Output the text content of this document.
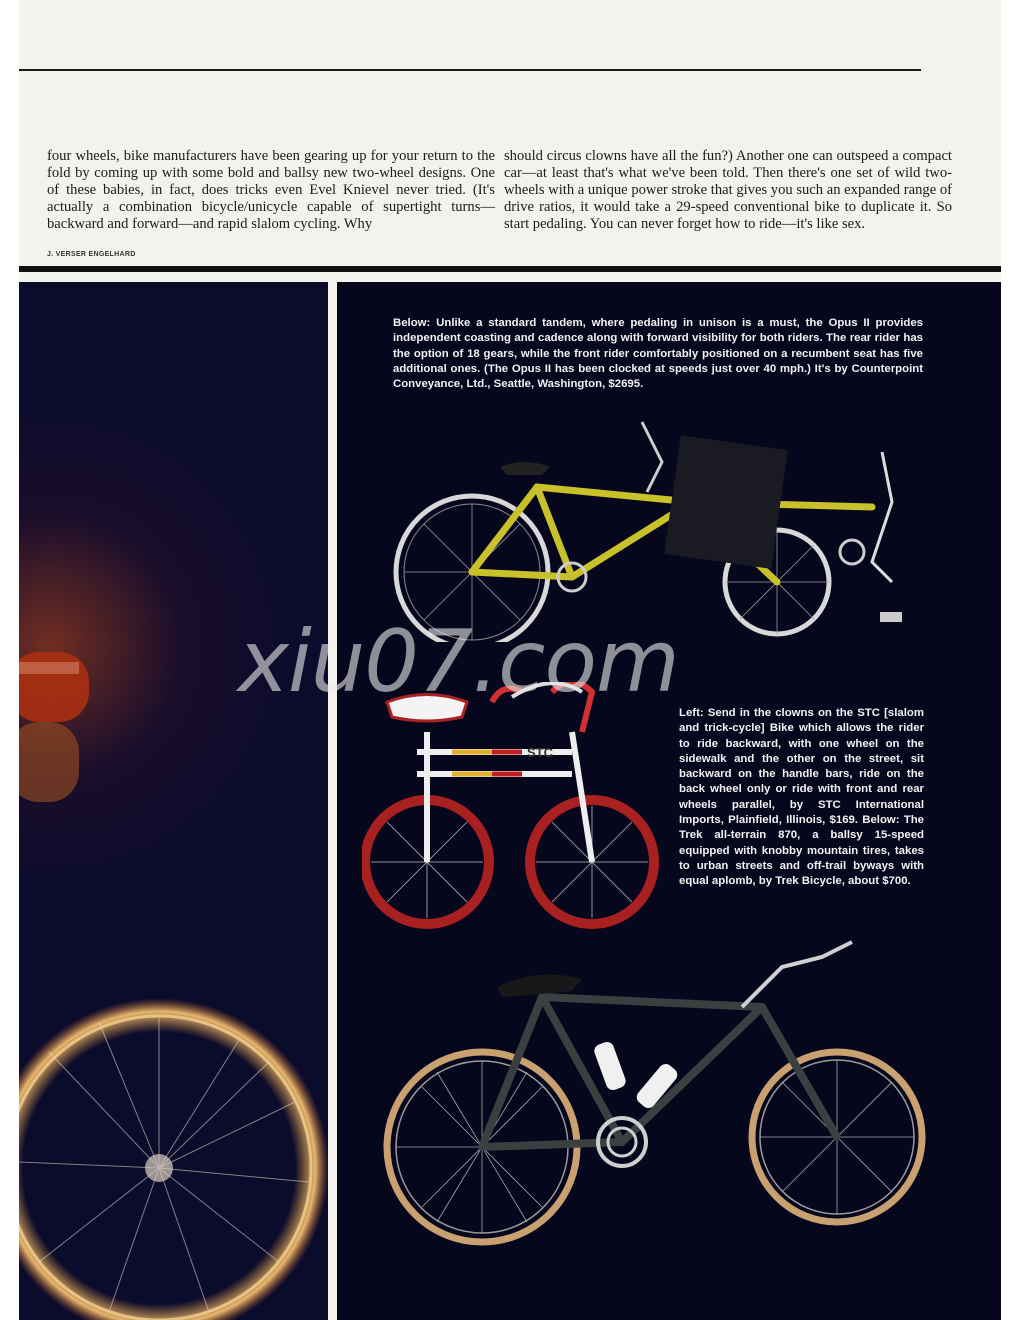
four wheels, bike manufacturers have been gearing up for your return to the fold by coming up with some bold and ballsy new two-wheel designs. One of these babies, in fact, does tricks even Evel Knievel never tried. (It's actually a combination bicycle/unicycle capable of supertight turns—backward and forward—and rapid slalom cycling. Why
should circus clowns have all the fun?) Another one can outspeed a compact car—at least that's what we've been told. Then there's one set of wild two-wheels with a unique power stroke that gives you such an expanded range of drive ratios, it would take a 29-speed conventional bike to duplicate it. So start pedaling. You can never forget how to ride—it's like sex.
J. VERSER ENGELHARD
Below: Unlike a standard tandem, where pedaling in unison is a must, the Opus II provides independent coasting and cadence along with forward visibility for both riders. The rear rider has the option of 18 gears, while the front rider comfortably positioned on a recumbent seat has five additional ones. (The Opus II has been clocked at speeds just over 40 mph.) It's by Counterpoint Conveyance, Ltd., Seattle, Washington, $2695.
STC
Left: Send in the clowns on the STC [slalom and trick-cycle] Bike which allows the rider to ride backward, with one wheel on the sidewalk and the other on the street, sit backward on the handle bars, ride on the back wheel only or ride with front and rear wheels parallel, by STC International Imports, Plainfield, Illinois, $169. Below: The Trek all-terrain 870, a ballsy 15-speed equipped with knobby mountain tires, takes to urban streets and off-trail byways with equal aplomb, by Trek Bicycle, about $700.
xiu07.com
